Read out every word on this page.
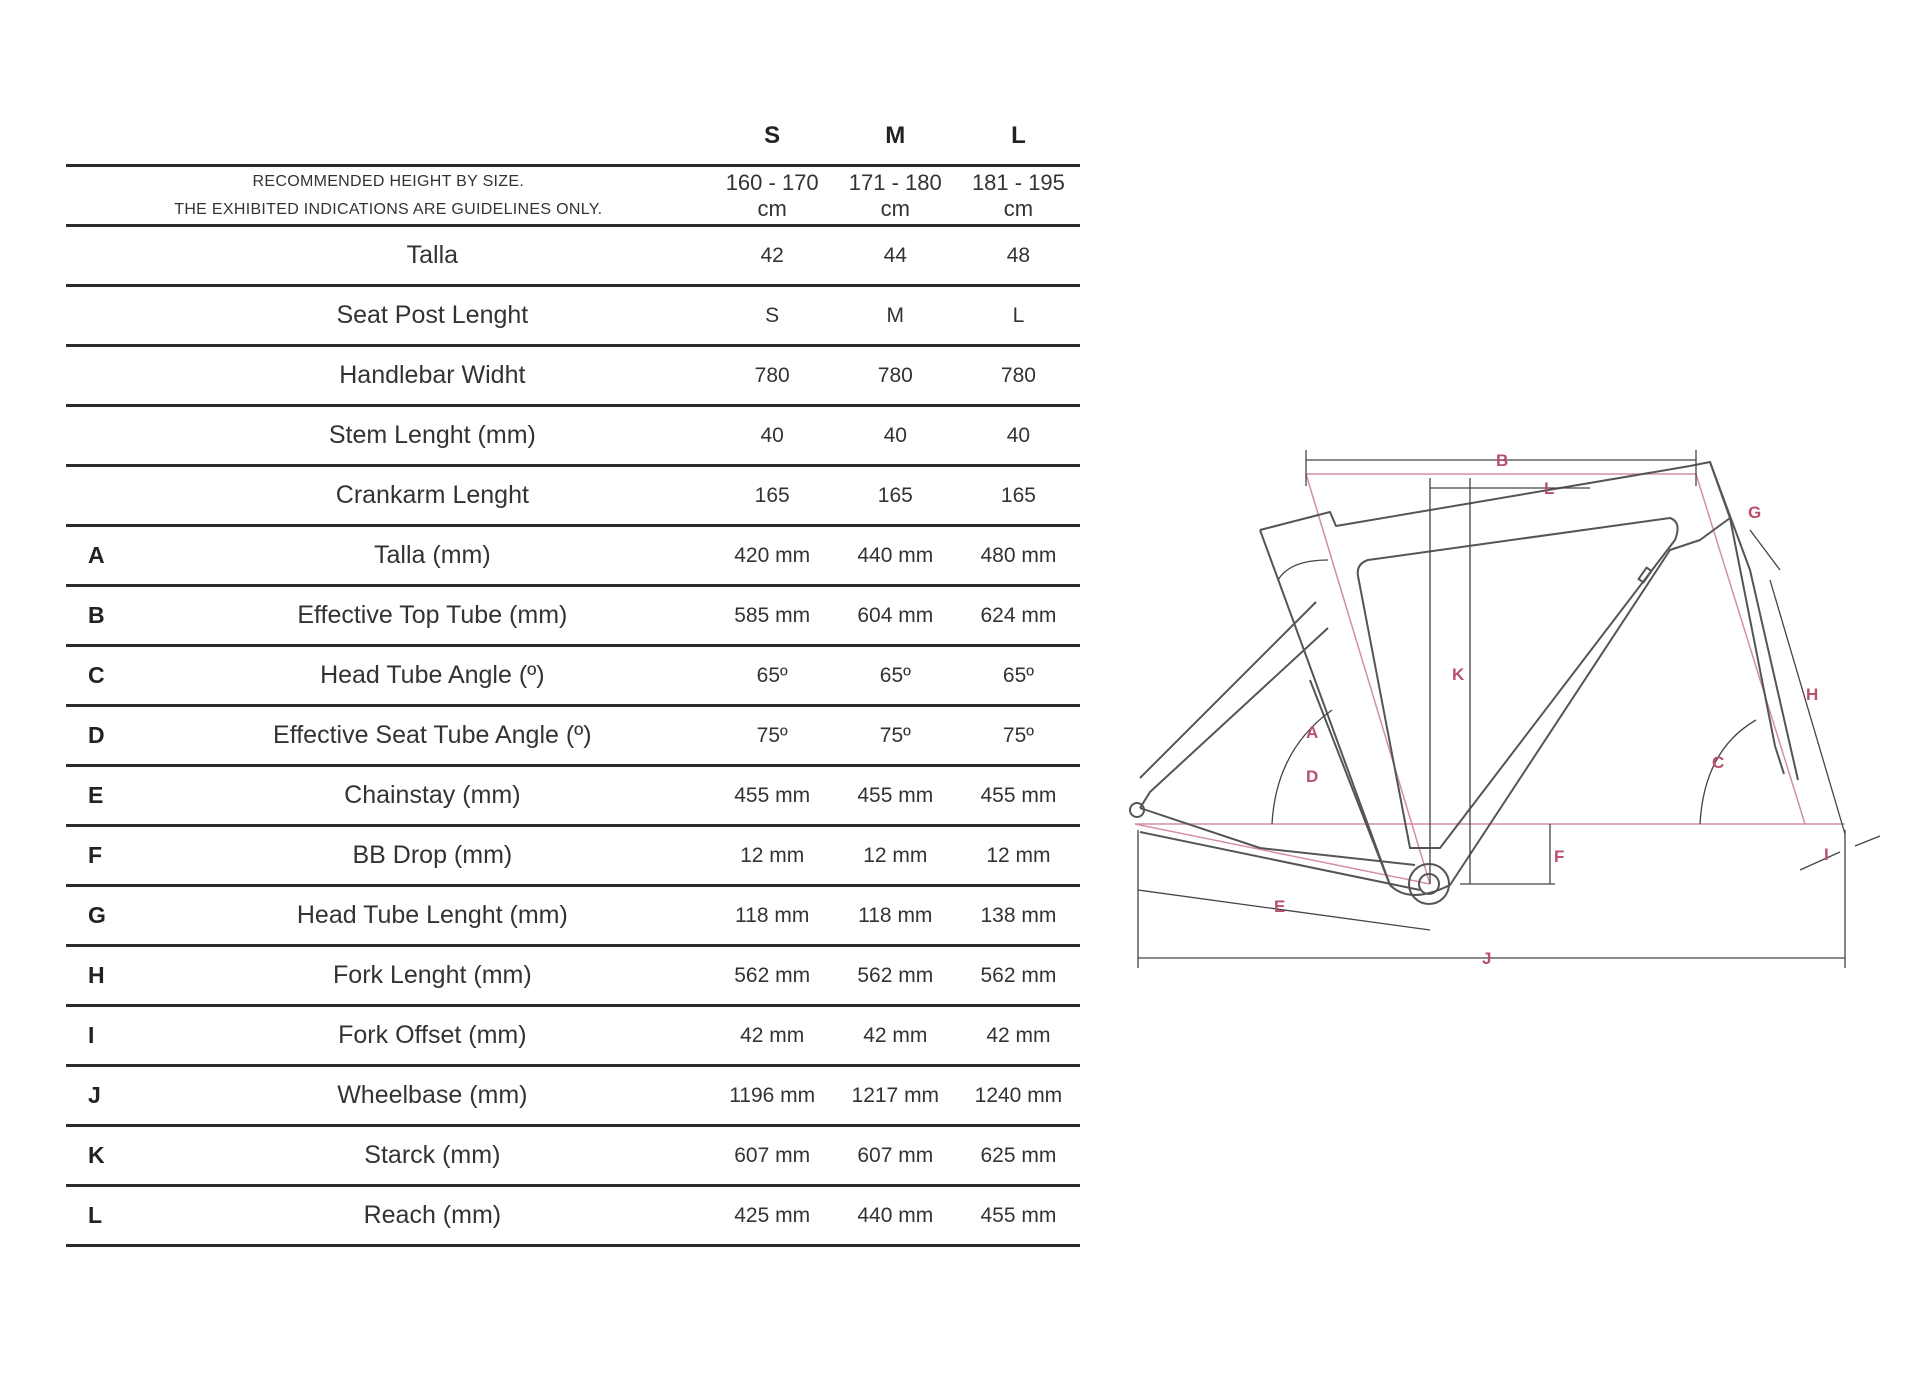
		S	M	L

RECOMMENDED HEIGHT BY SIZE.
THE EXHIBITED INDICATIONS ARE GUIDELINES ONLY.		160 - 170 cm	171 - 180 cm	181 - 195 cm
	Talla	42	44	48
	Seat Post Lenght	S	M	L
	Handlebar Widht	780	780	780
	Stem Lenght (mm)	40	40	40
	Crankarm Lenght	165	165	165
A	Talla (mm)	420 mm	440 mm	480 mm
B	Effective Top Tube (mm)	585 mm	604 mm	624 mm
C	Head Tube Angle (º)	65º	65º	65º
D	Effective Seat Tube Angle (º)	75º	75º	75º
E	Chainstay (mm)	455 mm	455 mm	455 mm
F	BB Drop (mm)	12 mm	12 mm	12 mm
G	Head Tube Lenght (mm)	118 mm	118 mm	138 mm
H	Fork Lenght (mm)	562 mm	562 mm	562 mm
I	Fork Offset (mm)	42 mm	42 mm	42 mm
J	Wheelbase (mm)	1196 mm	1217 mm	1240 mm
K	Starck (mm)	607 mm	607 mm	625 mm
L	Reach (mm)	425 mm	440 mm	455 mm
A
B
C
D
E
F
G
H
I
J
K
L
